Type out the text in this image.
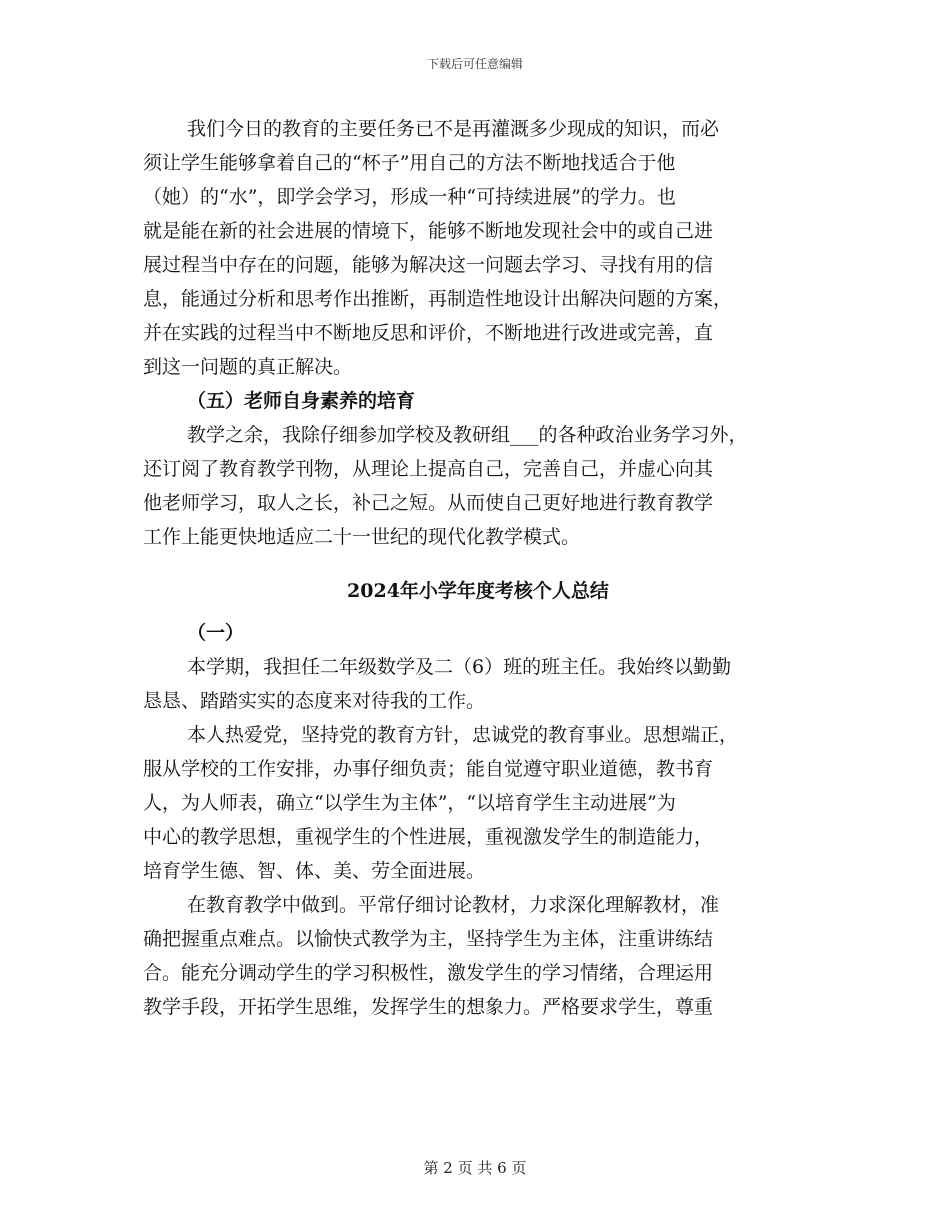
下载后可任意编辑
我们今日的教育的主要任务已不是再灌溉多少现成的知识，而必
须让学生能够拿着自己的“杯子”用自己的方法不断地找适合于他
（她）的“水”，即学会学习，形成一种“可持续进展”的学力。也
就是能在新的社会进展的情境下，能够不断地发现社会中的或自己进
展过程当中存在的问题，能够为解决这一问题去学习、寻找有用的信
息，能通过分析和思考作出推断，再制造性地设计出解决问题的方案，
并在实践的过程当中不断地反思和评价，不断地进行改进或完善，直
到这一问题的真正解决。
（五）老师自身素养的培育
教学之余，我除仔细参加学校及教研组___的各种政治业务学习外，
还订阅了教育教学刊物，从理论上提高自己，完善自己，并虚心向其
他老师学习，取人之长，补己之短。从而使自己更好地进行教育教学
工作上能更快地适应二十一世纪的现代化教学模式。
2024年小学年度考核个人总结
（一）
本学期，我担任二年级数学及二（6）班的班主任。我始终以勤勤
恳恳、踏踏实实的态度来对待我的工作。
本人热爱党，坚持党的教育方针，忠诚党的教育事业。思想端正，
服从学校的工作安排，办事仔细负责；能自觉遵守职业道德，教书育
人，为人师表，确立“以学生为主体”，“以培育学生主动进展”为
中心的教学思想，重视学生的个性进展，重视激发学生的制造能力，
培育学生德、智、体、美、劳全面进展。
在教育教学中做到。平常仔细讨论教材，力求深化理解教材，准
确把握重点难点。以愉快式教学为主，坚持学生为主体，注重讲练结
合。能充分调动学生的学习积极性，激发学生的学习情绪，合理运用
教学手段，开拓学生思维，发挥学生的想象力。严格要求学生，尊重
第 2 页 共 6 页
